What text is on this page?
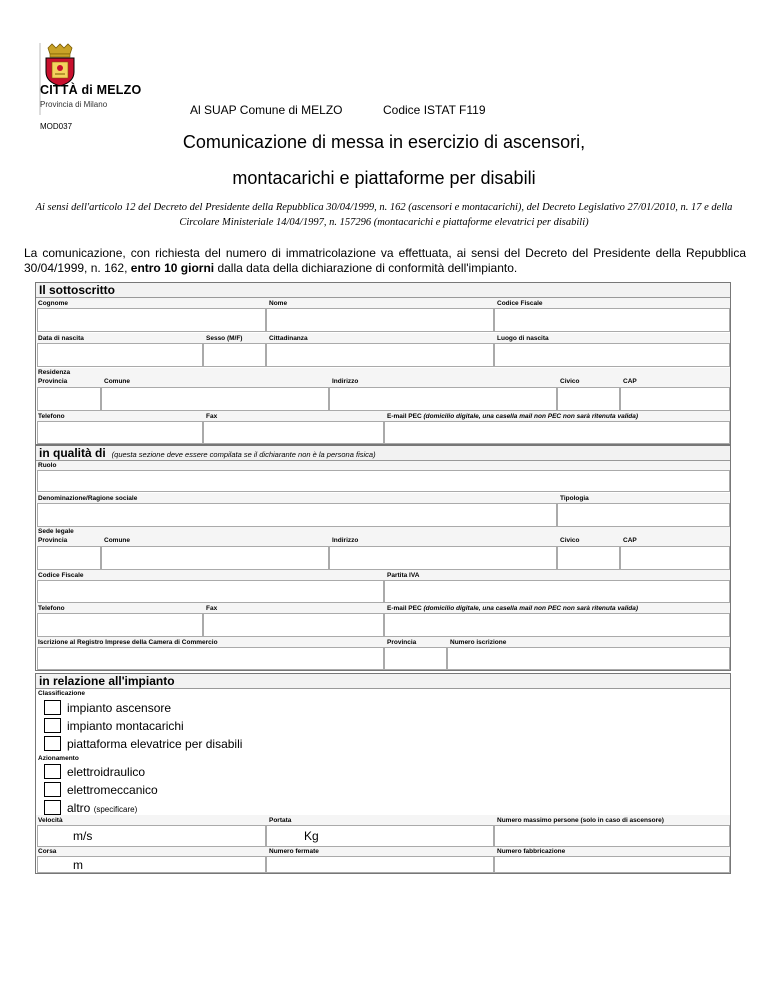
CITTÀ di MELZO
Provincia di Milano
MOD037
Al SUAP Comune di MELZO	Codice ISTAT F119
Comunicazione di messa in esercizio di ascensori,
montacarichi e piattaforme per disabili
Ai sensi dell'articolo 12 del Decreto del Presidente della Repubblica 30/04/1999, n. 162 (ascensori e montacarichi), del Decreto Legislativo 27/01/2010, n. 17 e della Circolare Ministeriale 14/04/1997, n. 157296 (montacarichi e piattaforme elevatrici per disabili)
La comunicazione, con richiesta del numero di immatricolazione va effettuata, ai sensi del Decreto del Presidente della Repubblica 30/04/1999, n. 162, entro 10 giorni dalla data della dichiarazione di conformità dell'impianto.
Il sottoscritto
Cognome	Nome	Codice Fiscale
Data di nascita	Sesso (M/F)	Cittadinanza	Luogo di nascita
Residenza
Provincia	Comune	Indirizzo	Civico	CAP
Telefono	Fax	E-mail PEC (domicilio digitale, una casella mail non PEC non sarà ritenuta valida)
in qualità di (questa sezione deve essere compilata se il dichiarante non è la persona fisica)
Ruolo
Denominazione/Ragione sociale	Tipologia
Sede legale
Provincia	Comune	Indirizzo	Civico	CAP
Codice Fiscale	Partita IVA
Telefono	Fax	E-mail PEC (domicilio digitale, una casella mail non PEC non sarà ritenuta valida)
Iscrizione al Registro Imprese della Camera di Commercio	Provincia	Numero iscrizione
in relazione all'impianto
Classificazione
impianto ascensore
impianto montacarichi
piattaforma elevatrice per disabili
Azionamento
elettroidraulico
elettromeccanico
altro (specificare)
Velocità	Portata	Numero massimo persone (solo in caso di ascensore)
m/s	Kg
Corsa	Numero fermate	Numero fabbricazione
m
